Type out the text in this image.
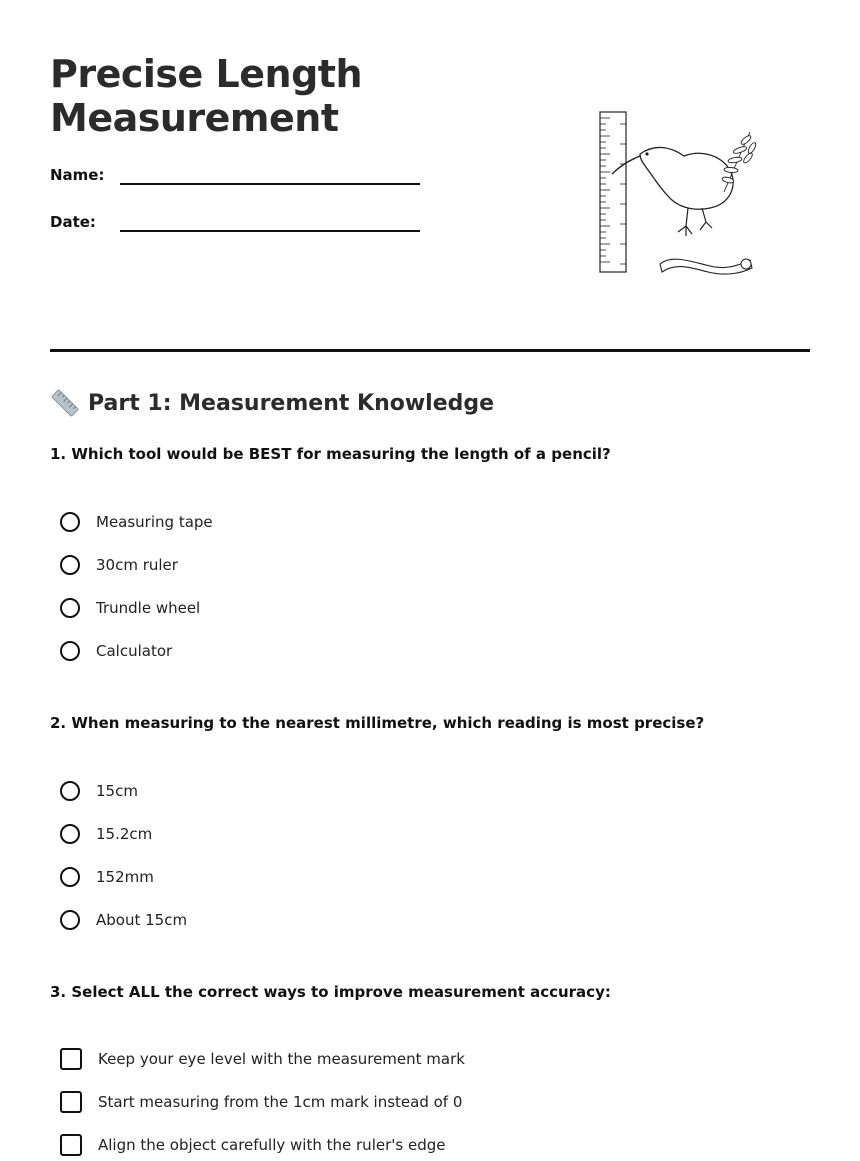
Precise Length
Measurement
Name:
Date:
Part 1: Measurement Knowledge

1. Which tool would be BEST for measuring the length of a pencil?

Measuring tape
30cm ruler
Trundle wheel
Calculator

2. When measuring to the nearest millimetre, which reading is most precise?

15cm
15.2cm
152mm
About 15cm

3. Select ALL the correct ways to improve measurement accuracy:

Keep your eye level with the measurement mark
Start measuring from the 1cm mark instead of 0
Align the object carefully with the ruler's edge
